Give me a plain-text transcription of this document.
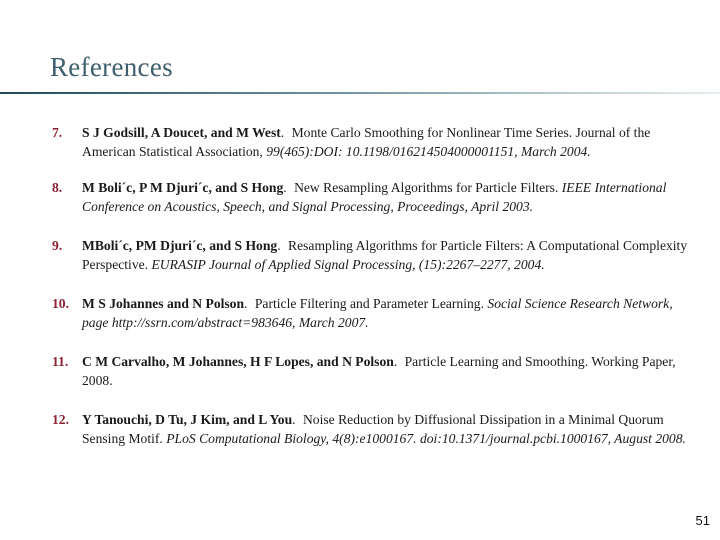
References
7.	S J Godsill, A Doucet, and M West. Monte Carlo Smoothing for Nonlinear Time Series. Journal of the American Statistical Association, 99(465):DOI: 10.1198/016214504000001151, March 2004.
8.	M Boli´c, P M Djuri´c, and S Hong. New Resampling Algorithms for Particle Filters. IEEE International Conference on Acoustics, Speech, and Signal Processing, Proceedings, April 2003.
9.	MBoli´c, PM Djuri´c, and S Hong. Resampling Algorithms for Particle Filters: A Computational Complexity Perspective. EURASIP Journal of Applied Signal Processing, (15):2267–2277, 2004.
10. M S Johannes and N Polson. Particle Filtering and Parameter Learning. Social Science Research Network, page http://ssrn.com/abstract=983646, March 2007.
11.	C M Carvalho, M Johannes, H F Lopes, and N Polson. Particle Learning and Smoothing. Working Paper, 2008.
12. Y Tanouchi, D Tu, J Kim, and L You. Noise Reduction by Diffusional Dissipation in a Minimal Quorum Sensing Motif. PLoS Computational Biology, 4(8):e1000167. doi:10.1371/journal.pcbi.1000167, August 2008.
51
